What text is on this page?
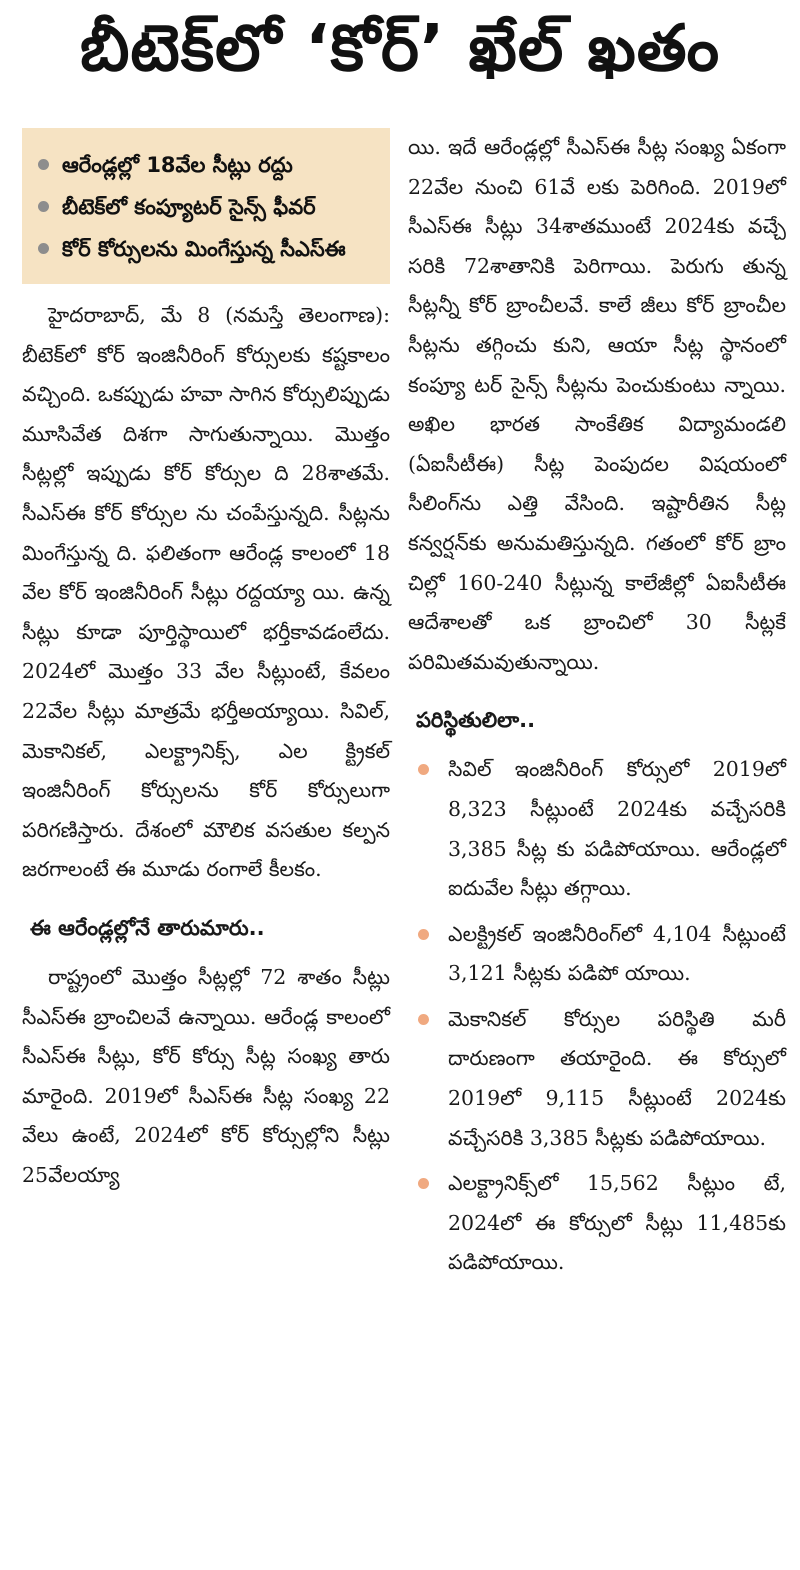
బీటెక్‌లో ‘కోర్’ ఖేల్ ఖతం
ఆరేండ్లల్లో 18వేల సీట్లు రద్దు
బీటెక్‌లో కంప్యూటర్ సైన్స్ ఫీవర్
కోర్ కోర్సులను మింగేస్తున్న సీఎస్ఈ

హైదరాబాద్, మే 8 (నమస్తే తెలంగాణ): బీటెక్‌లో కోర్ ఇంజినీరింగ్ కోర్సులకు కష్టకాలం వచ్చింది. ఒకప్పుడు హవా సాగిన కోర్సులిప్పుడు మూసివేత దిశగా సాగుతున్నాయి. మొత్తం సీట్లల్లో ఇప్పుడు కోర్ కోర్సుల ది 28శాతమే. సీఎస్ఈ కోర్ కోర్సుల ను చంపేస్తున్నది. సీట్లను మింగేస్తున్న ది. ఫలితంగా ఆరేండ్ల కాలంలో 18 వేల కోర్ ఇంజినీరింగ్ సీట్లు రద్దయ్యా యి. ఉన్న సీట్లు కూడా పూర్తిస్థాయిలో భర్తీకావడంలేదు. 2024లో మొత్తం 33 వేల సీట్లుంటే, కేవలం 22వేల సీట్లు మాత్రమే భర్తీఅయ్యాయి. సివిల్, మెకానికల్, ఎలక్ట్రానిక్స్, ఎల క్ట్రికల్ ఇంజినీరింగ్ కోర్సులను కోర్ కోర్సులుగా పరిగణిస్తారు. దేశంలో మౌలిక వసతుల కల్పన జరగాలంటే ఈ మూడు రంగాలే కీలకం.

ఈ ఆరేండ్లల్లోనే తారుమారు..

రాష్ట్రంలో మొత్తం సీట్లల్లో 72 శాతం సీట్లు సీఎస్ఈ బ్రాంచిలవే ఉన్నాయి. ఆరేండ్ల కాలంలో సీఎస్ఈ సీట్లు, కోర్ కోర్సు సీట్ల సంఖ్య తారు మారైంది. 2019లో సీఎస్ఈ సీట్ల సంఖ్య 22 వేలు ఉంటే, 2024లో కోర్ కోర్సుల్లోని సీట్లు 25వేలయ్యా

యి. ఇదే ఆరేండ్లల్లో సీఎస్ఈ సీట్ల సంఖ్య ఏకంగా 22వేల నుంచి 61వే లకు పెరిగింది. 2019లో సీఎస్ఈ సీట్లు 34శాతముంటే 2024కు వచ్చే సరికి 72శాతానికి పెరిగాయి. పెరుగు తున్న సీట్లన్నీ కోర్ బ్రాంచీలవే. కాలే జీలు కోర్ బ్రాంచీల సీట్లను తగ్గించు కుని, ఆయా సీట్ల స్థానంలో కంప్యూ టర్ సైన్స్ సీట్లను పెంచుకుంటు న్నాయి. అఖిల భారత సాంకేతిక విద్యామండలి (ఏఐసీటీఈ) సీట్ల పెంపుదల విషయంలో సీలింగ్‌ను ఎత్తి వేసింది. ఇష్టారీతిన సీట్ల కన్వర్షన్‌కు అనుమతిస్తున్నది. గతంలో కోర్ బ్రాం చిల్లో 160-240 సీట్లున్న కాలేజీల్లో ఏఐసీటీఈ ఆదేశాలతో ఒక బ్రాంచిలో 30 సీట్లకే పరిమితమవుతున్నాయి.

పరిస్థితులిలా..
సివిల్ ఇంజినీరింగ్ కోర్సులో 2019లో 8,323 సీట్లుంటే 2024కు వచ్చేసరికి 3,385 సీట్ల కు పడిపోయాయి. ఆరేండ్లలో ఐదువేల సీట్లు తగ్గాయి.
ఎలక్ట్రికల్ ఇంజినీరింగ్‌లో 4,104 సీట్లుంటే 3,121 సీట్లకు పడిపో యాయి.
మెకానికల్ కోర్సుల పరిస్థితి మరీ దారుణంగా తయారైంది. ఈ కోర్సులో 2019లో 9,115 సీట్లుంటే 2024కు వచ్చేసరికి 3,385 సీట్లకు పడిపోయాయి.
ఎలక్ట్రానిక్స్‌లో 15,562 సీట్లుం టే, 2024లో ఈ కోర్సులో సీట్లు 11,485కు పడిపోయాయి.
